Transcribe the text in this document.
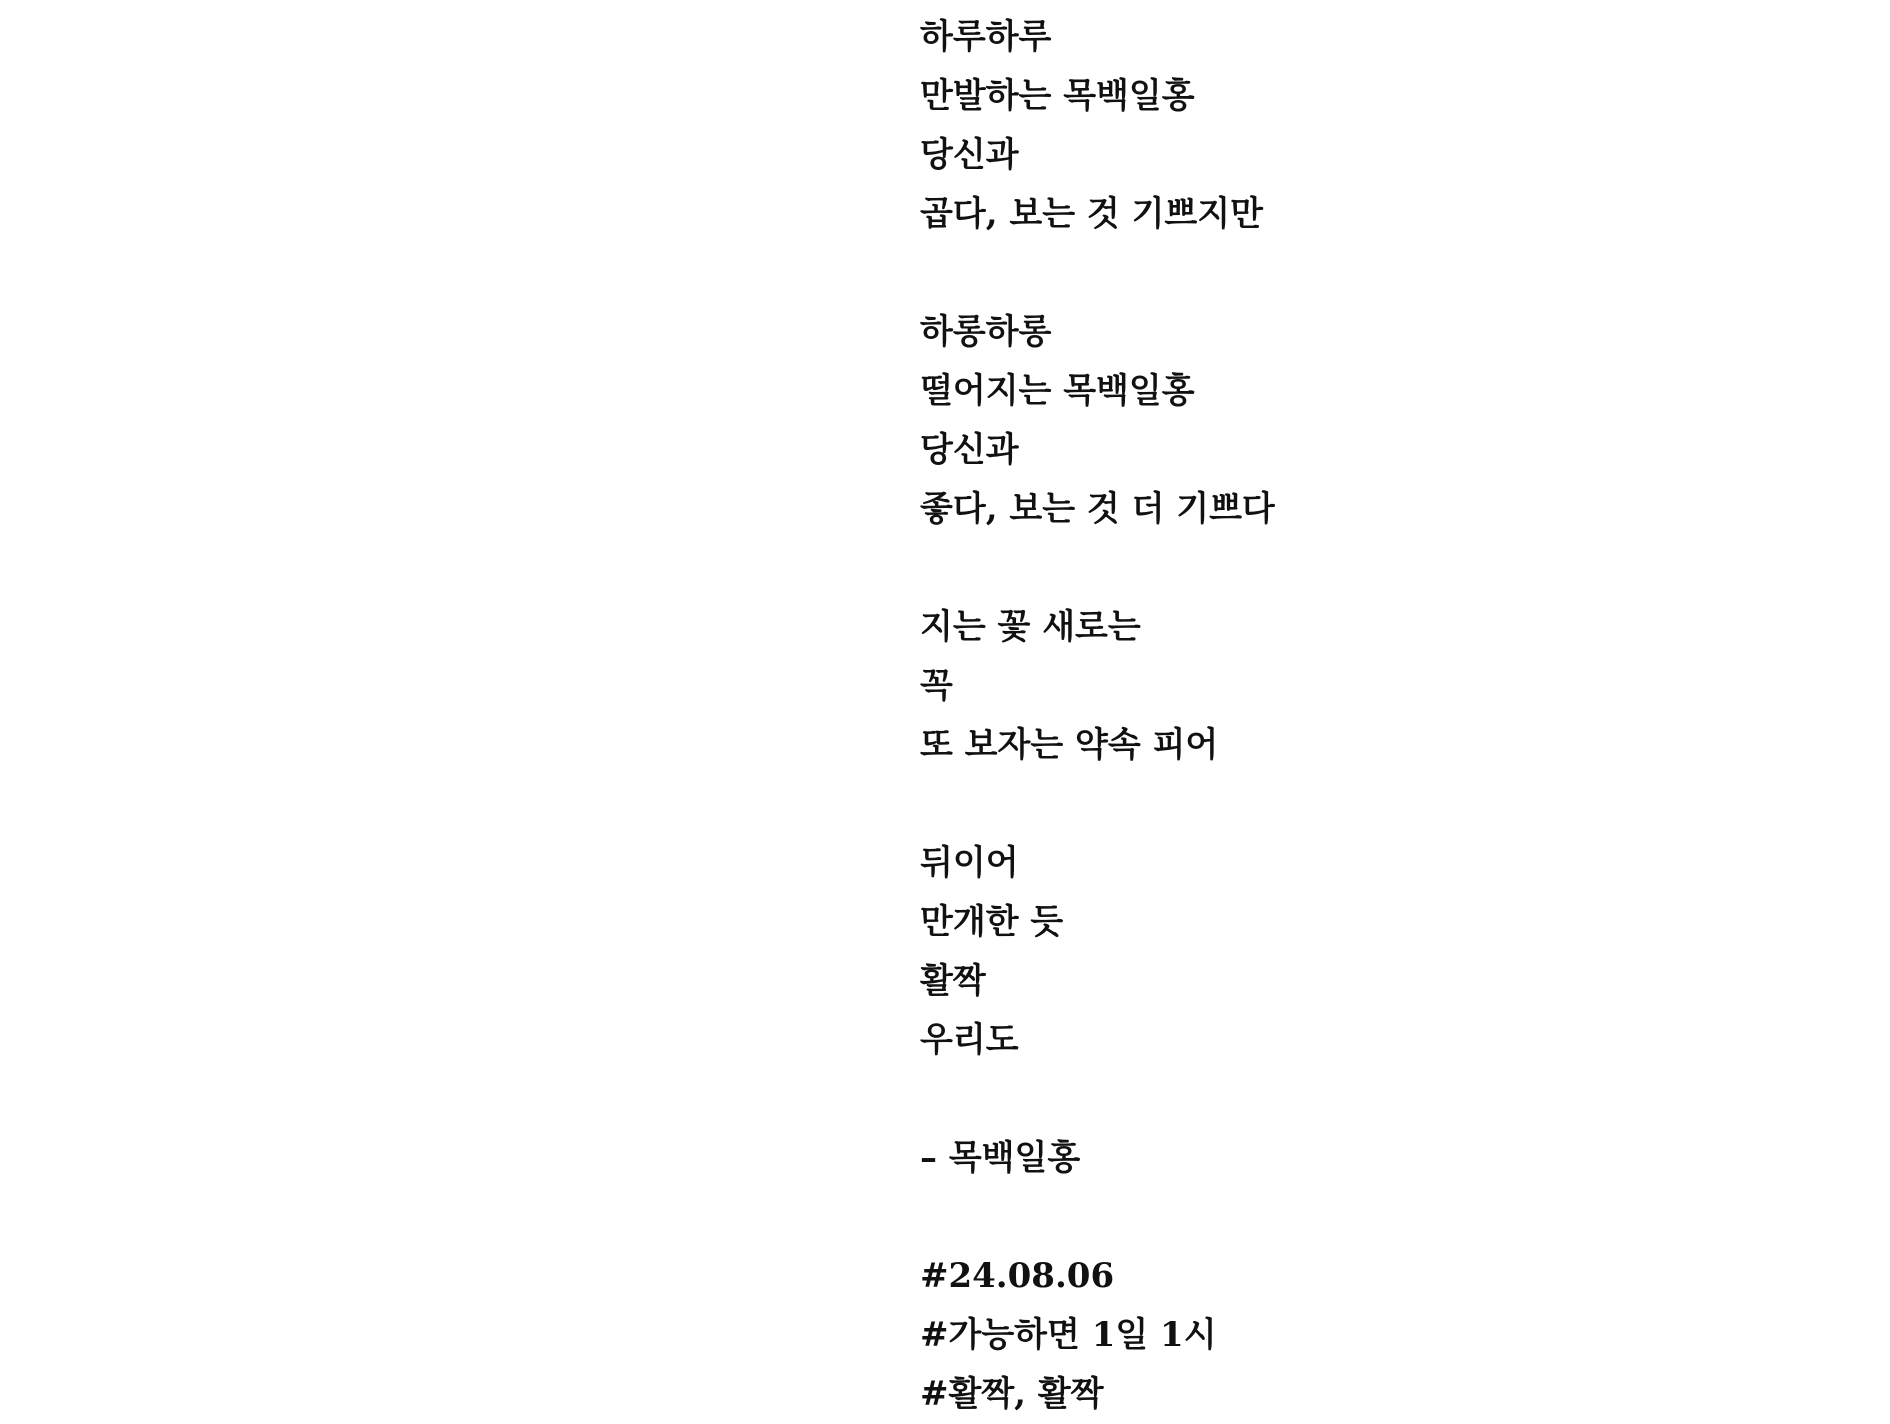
하루하루
만발하는 목백일홍
당신과
곱다, 보는 것 기쁘지만
하롱하롱
떨어지는 목백일홍
당신과
좋다, 보는 것 더 기쁘다
지는 꽃 새로는
꼭
또 보자는 약속 피어
뒤이어
만개한 듯
활짝
우리도
– 목백일홍
#24.08.06
#가능하면 1일 1시
#활짝, 활짝
